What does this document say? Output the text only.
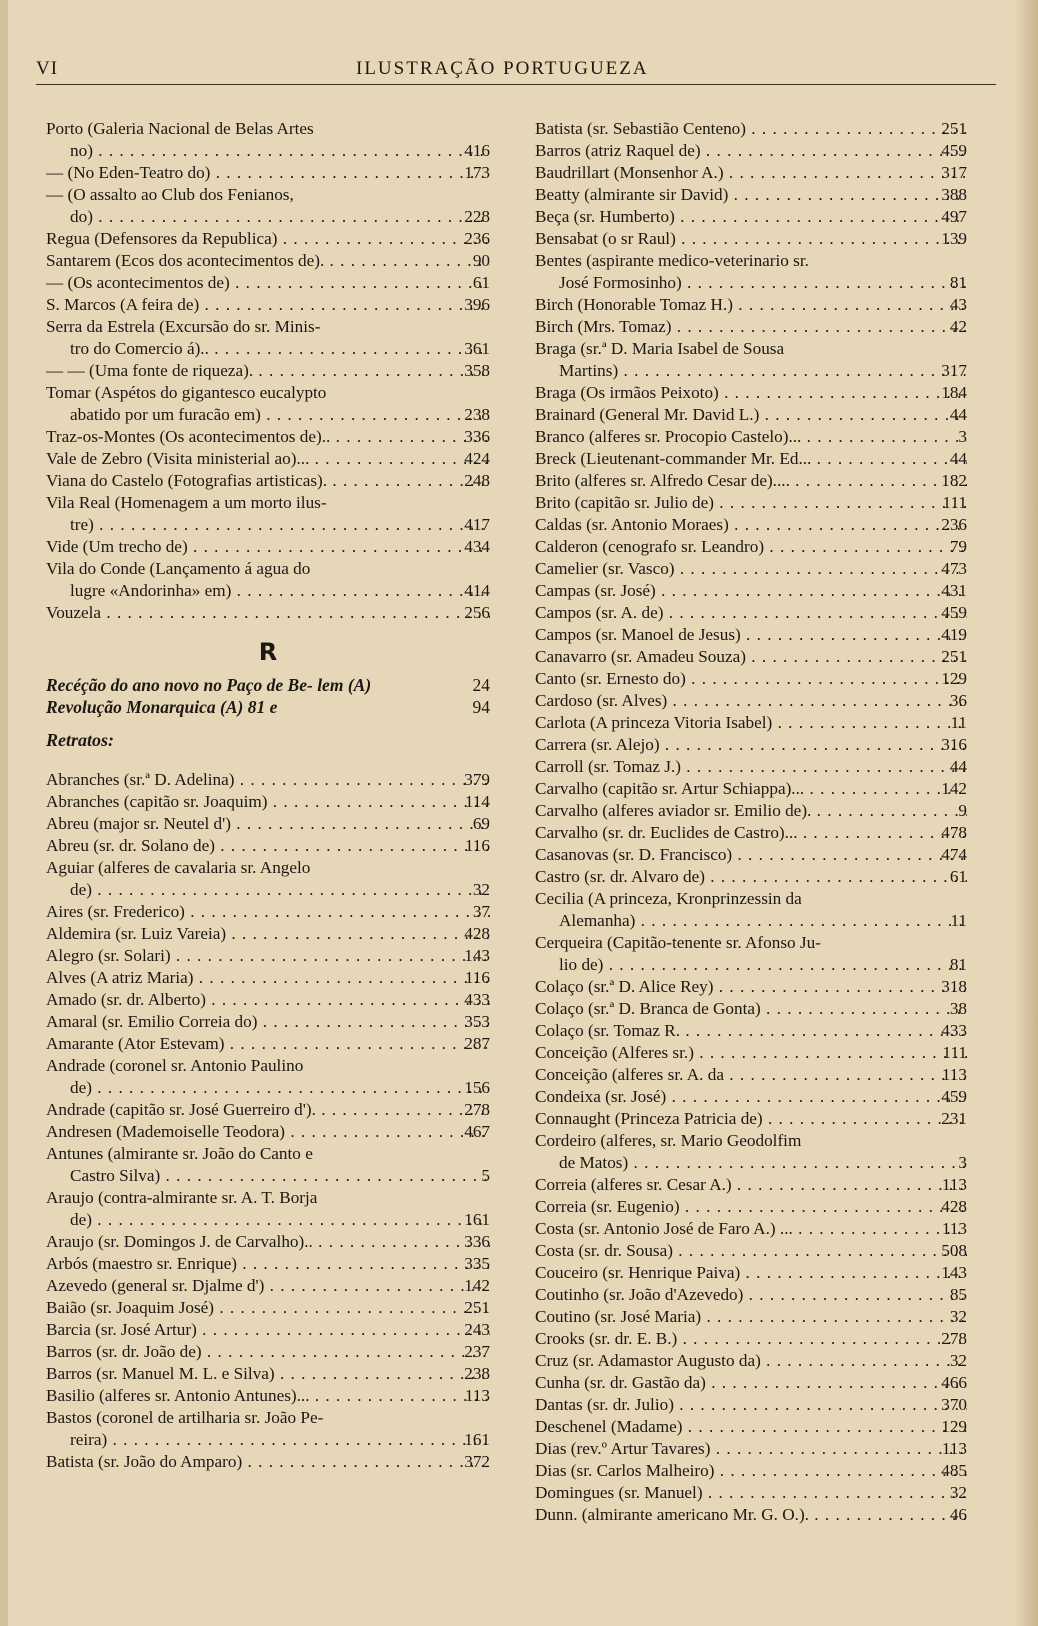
VI	ILUSTRAÇÃO PORTUGUEZA
Porto (Galeria Nacional de Belas Artes
no) . . .	416
— (No Eden-Teatro do) . . .	173
— (O assalto ao Club dos Fenianos,
do) . . .	228
Regua (Defensores da Republica) . . .	236
Santarem (Ecos dos acontecimentos de). . . .	90
— (Os acontecimentos de) . . .	61
S. Marcos (A feira de) . . .	396
Serra da Estrela (Excursão do sr. Minis-
tro do Comercio á).. . . .	361
— — (Uma fonte de riqueza). . . .	358
Tomar (Aspétos do gigantesco eucalypto
abatido por um furacão em) . . .	238
Traz-os-Montes (Os acontecimentos de).. . . .	336
Vale de Zebro (Visita ministerial ao)... . . .	424
Viana do Castelo (Fotografias artisticas). . . .	248
Vila Real (Homenagem a um morto ilus-
tre) . . .	417
Vide (Um trecho de) . . .	434
Vila do Conde (Lançamento á agua do
lugre «Andorinha» em) . . .	414
Vouzela . . .	256
R
Recéção do ano novo no Paço de Be- lem (A)	24
Revolução Monarquica (A) 81 e	94
Retratos:
Abranches (sr.ª D. Adelina) . . .	379
Abranches (capitão sr. Joaquim) . . .	114
Abreu (major sr. Neutel d') . . .	69
Abreu (sr. dr. Solano de) . . .	116
Aguiar (alferes de cavalaria sr. Angelo
de) . . .	32
Aires (sr. Frederico) . . .	37
Aldemira (sr. Luiz Vareia) . . .	428
Alegro (sr. Solari) . . .	143
Alves (A atriz Maria) . . .	116
Amado (sr. dr. Alberto) . . .	433
Amaral (sr. Emilio Correia do) . . .	353
Amarante (Ator Estevam) . . .	287
Andrade (coronel sr. Antonio Paulino
de) . . .	156
Andrade (capitão sr. José Guerreiro d'). . . .	278
Andresen (Mademoiselle Teodora) . . .	467
Antunes (almirante sr. João do Canto e
Castro Silva) . . .	5
Araujo (contra-almirante sr. A. T. Borja
de) . . .	161
Araujo (sr. Domingos J. de Carvalho).. . . .	336
Arbós (maestro sr. Enrique) . . .	335
Azevedo (general sr. Djalme d') . . .	142
Baião (sr. Joaquim José) . . .	251
Barcia (sr. José Artur) . . .	243
Barros (sr. dr. João de) . . .	237
Barros (sr. Manuel M. L. e Silva) . . .	238
Basilio (alferes sr. Antonio Antunes)... . . .	113
Bastos (coronel de artilharia sr. João Pe-
reira) . . .	161
Batista (sr. João do Amparo) . . .	372
Batista (sr. Sebastião Centeno) . . .	251
Barros (atriz Raquel de) . . .	459
Baudrillart (Monsenhor A.) . . .	317
Beatty (almirante sir David) . . .	388
Beça (sr. Humberto) . . .	497
Bensabat (o sr Raul) . . .	139
Bentes (aspirante medico-veterinario sr.
José Formosinho) . . .	81
Birch (Honorable Tomaz H.) . . .	43
Birch (Mrs. Tomaz) . . .	42
Braga (sr.ª D. Maria Isabel de Sousa
Martins) . . .	317
Braga (Os irmãos Peixoto) . . .	184
Brainard (General Mr. David L.) . . .	44
Branco (alferes sr. Procopio Castelo)... . . .	3
Breck (Lieutenant-commander Mr. Ed... . . .	44
Brito (alferes sr. Alfredo Cesar de).... . . .	182
Brito (capitão sr. Julio de) . . .	111
Caldas (sr. Antonio Moraes) . . .	236
Calderon (cenografo sr. Leandro) . . .	79
Camelier (sr. Vasco) . . .	473
Campas (sr. José) . . .	431
Campos (sr. A. de) . . .	459
Campos (sr. Manoel de Jesus) . . .	419
Canavarro (sr. Amadeu Souza) . . .	251
Canto (sr. Ernesto do) . . .	129
Cardoso (sr. Alves) . . .	36
Carlota (A princeza Vitoria Isabel) . . .	11
Carrera (sr. Alejo) . . .	316
Carroll (sr. Tomaz J.) . . .	44
Carvalho (capitão sr. Artur Schiappa)... . . .	142
Carvalho (alferes aviador sr. Emilio de). . . .	9
Carvalho (sr. dr. Euclides de Castro)... . . .	478
Casanovas (sr. D. Francisco) . . .	474
Castro (sr. dr. Alvaro de) . . .	61
Cecilia (A princeza, Kronprinzessin da
Alemanha) . . .	11
Cerqueira (Capitão-tenente sr. Afonso Ju-
lio de) . . .	81
Colaço (sr.ª D. Alice Rey) . . .	318
Colaço (sr.ª D. Branca de Gonta) . . .	38
Colaço (sr. Tomaz R. . . .	433
Conceição (Alferes sr.) . . .	111
Conceição (alferes sr. A. da . . .	113
Condeixa (sr. José) . . .	459
Connaught (Princeza Patricia de) . . .	231
Cordeiro (alferes, sr. Mario Geodolfim
de Matos) . . .	3
Correia (alferes sr. Cesar A.) . . .	113
Correia (sr. Eugenio) . . .	428
Costa (sr. Antonio José de Faro A.) ... . . .	113
Costa (sr. dr. Sousa) . . .	508
Couceiro (sr. Henrique Paiva) . . .	143
Coutinho (sr. João d'Azevedo) . . .	85
Coutino (sr. José Maria) . . .	32
Crooks (sr. dr. E. B.) . . .	278
Cruz (sr. Adamastor Augusto da) . . .	32
Cunha (sr. dr. Gastão da) . . .	466
Dantas (sr. dr. Julio) . . .	370
Deschenel (Madame) . . .	129
Dias (rev.º Artur Tavares) . . .	113
Dias (sr. Carlos Malheiro) . . .	485
Domingues (sr. Manuel) . . .	32
Dunn. (almirante americano Mr. G. O.). . . .	46
